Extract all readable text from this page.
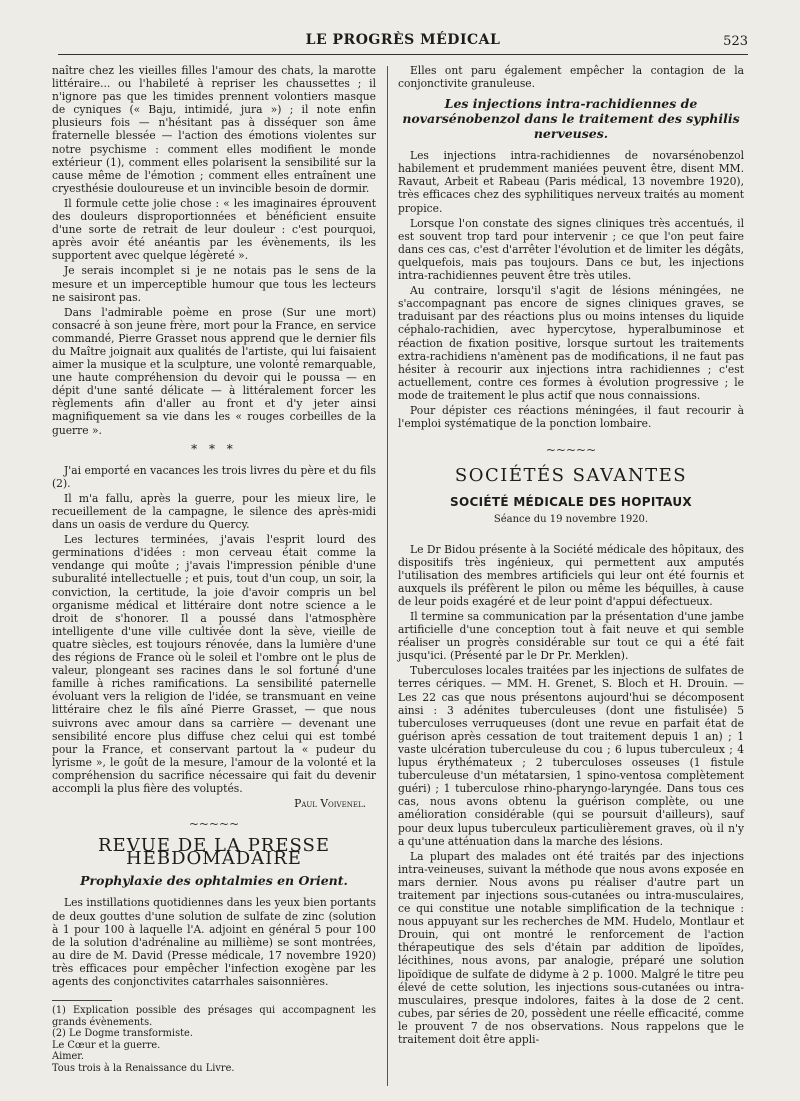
LE PROGRÈS MÉDICAL	523

naître chez les vieilles filles l'amour des chats, la marotte littéraire... ou l'habileté à repriser les chaussettes ; il n'ignore pas que les timides prennent volontiers masque de cyniques (« Baju, intimidé, jura ») ; il note enfin plusieurs fois — n'hésitant pas à disséquer son âme fraternelle blessée — l'action des émotions violentes sur notre psychisme : comment elles modifient le monde extérieur (1), comment elles polarisent la sensibilité sur la cause même de l'émotion ; comment elles entraînent une cryesthésie douloureuse et un invincible besoin de dormir.

Il formule cette jolie chose : « les imaginaires éprouvent des douleurs disproportionnées et bénéficient ensuite d'une sorte de retrait de leur douleur : c'est pourquoi, après avoir été anéantis par les évènements, ils les supportent avec quelque légèreté ».

Je serais incomplet si je ne notais pas le sens de la mesure et un imperceptible humour que tous les lecteurs ne saisiront pas.

Dans l'admirable poème en prose (Sur une mort) consacré à son jeune frère, mort pour la France, en service commandé, Pierre Grasset nous apprend que le dernier fils du Maître joignait aux qualités de l'artiste, qui lui faisaient aimer la musique et la sculpture, une volonté remarquable, une haute compréhension du devoir qui le poussa — en dépit d'une santé délicate — à littéralement forcer les règlements afin d'aller au front et d'y jeter ainsi magnifiquement sa vie dans les « rouges corbeilles de la guerre ».

* * *

J'ai emporté en vacances les trois livres du père et du fils (2).

Il m'a fallu, après la guerre, pour les mieux lire, le recueillement de la campagne, le silence des après-midi dans un oasis de verdure du Quercy.

Les lectures terminées, j'avais l'esprit lourd des germinations d'idées : mon cerveau était comme la vendange qui moûte ; j'avais l'impression pénible d'une suburalité intellectuelle ; et puis, tout d'un coup, un soir, la conviction, la certitude, la joie d'avoir compris un bel organisme médical et littéraire dont notre science a le droit de s'honorer. Il a poussé dans l'atmosphère intelligente d'une ville cultivée dont la sève, vieille de quatre siècles, est toujours rénovée, dans la lumière d'une des régions de France où le soleil et l'ombre ont le plus de valeur, plongeant ses racines dans le sol fortuné d'une famille à riches ramifications. La sensibilité paternelle évoluant vers la religion de l'idée, se transmuant en veine littéraire chez le fils aîné Pierre Grasset, — que nous suivrons avec amour dans sa carrière — devenant une sensibilité encore plus diffuse chez celui qui est tombé pour la France, et conservant partout la « pudeur du lyrisme », le goût de la mesure, l'amour de la volonté et la compréhension du sacrifice nécessaire qui fait du devenir accompli la plus fière des voluptés.

Paul Voivenel.

~~~~~
REVUE DE LA PRESSE HEBDOMADAIRE
Prophylaxie des ophtalmies en Orient.

Les instillations quotidiennes dans les yeux bien portants de deux gouttes d'une solution de sulfate de zinc (solution à 1 pour 100 à laquelle l'A. adjoint en général 5 pour 100 de la solution d'adrénaline au millième) se sont montrées, au dire de M. David (Presse médicale, 17 novembre 1920) très efficaces pour empêcher l'infection exogène par les agents des conjonctivites catarrhales saisonnières.

(1) Explication possible des présages qui accompagnent les grands évènements.
(2) Le Dogme transformiste.
Le Cœur et la guerre.
Aimer.
Tous trois à la Renaissance du Livre.

Elles ont paru également empêcher la contagion de la conjonctivite granuleuse.

Les injections intra-rachidiennes de novarsénobenzol dans le traitement des syphilis nerveuses.

Les injections intra-rachidiennes de novarsénobenzol habilement et prudemment maniées peuvent être, disent MM. Ravaut, Arbeit et Rabeau (Paris médical, 13 novembre 1920), très efficaces chez des syphilitiques nerveux traités au moment propice.

Lorsque l'on constate des signes cliniques très accentués, il est souvent trop tard pour intervenir ; ce que l'on peut faire dans ces cas, c'est d'arrêter l'évolution et de limiter les dégâts, quelquefois, mais pas toujours. Dans ce but, les injections intra-rachidiennes peuvent être très utiles.

Au contraire, lorsqu'il s'agit de lésions méningées, ne s'accompagnant pas encore de signes cliniques graves, se traduisant par des réactions plus ou moins intenses du liquide céphalo-rachidien, avec hypercytose, hyperalbuminose et réaction de fixation positive, lorsque surtout les traitements extra-rachidiens n'amènent pas de modifications, il ne faut pas hésiter à recourir aux injections intra rachidiennes ; c'est actuellement, contre ces formes à évolution progressive ; le mode de traitement le plus actif que nous connaissions.

Pour dépister ces réactions méningées, il faut recourir à l'emploi systématique de la ponction lombaire.

~~~~~
SOCIÉTÉS SAVANTES
SOCIÉTÉ MÉDICALE DES HOPITAUX
Séance du 19 novembre 1920.

Le Dr Bidou présente à la Société médicale des hôpitaux, des dispositifs très ingénieux, qui permettent aux amputés l'utilisation des membres artificiels qui leur ont été fournis et auxquels ils préfèrent le pilon ou même les béquilles, à cause de leur poids exagéré et de leur point d'appui défectueux.

Il termine sa communication par la présentation d'une jambe artificielle d'une conception tout à fait neuve et qui semble réaliser un progrès considérable sur tout ce qui a été fait jusqu'ici. (Présenté par le Dr Pr. Merklen).

Tuberculoses locales traitées par les injections de sulfates de terres cériques. — MM. H. Grenet, S. Bloch et H. Drouin. — Les 22 cas que nous présentons aujourd'hui se décomposent ainsi : 3 adénites tuberculeuses (dont une fistulisée) 5 tuberculoses verruqueuses (dont une revue en parfait état de guérison après cessation de tout traitement depuis 1 an) ; 1 vaste ulcération tuberculeuse du cou ; 6 lupus tuberculeux ; 4 lupus érythémateux ; 2 tuberculoses osseuses (1 fistule tuberculeuse d'un métatarsien, 1 spino-ventosa complètement guéri) ; 1 tuberculose rhino-pharyngo-laryngée. Dans tous ces cas, nous avons obtenu la guérison complète, ou une amélioration considérable (qui se poursuit d'ailleurs), sauf pour deux lupus tuberculeux particulièrement graves, où il n'y a qu'une atténuation dans la marche des lésions.

La plupart des malades ont été traités par des injections intra-veineuses, suivant la méthode que nous avons exposée en mars dernier. Nous avons pu réaliser d'autre part un traitement par injections sous-cutanées ou intra-musculaires, ce qui constitue une notable simplification de la technique : nous appuyant sur les recherches de MM. Hudelo, Montlaur et Drouin, qui ont montré le renforcement de l'action thérapeutique des sels d'étain par addition de lipoïdes, lécithines, nous avons, par analogie, préparé une solution lipoïdique de sulfate de didyme à 2 p. 1000. Malgré le titre peu élevé de cette solution, les injections sous-cutanées ou intra-musculaires, presque indolores, faites à la dose de 2 cent. cubes, par séries de 20, possèdent une réelle efficacité, comme le prouvent 7 de nos observations. Nous rappelons que le traitement doit être appli-
